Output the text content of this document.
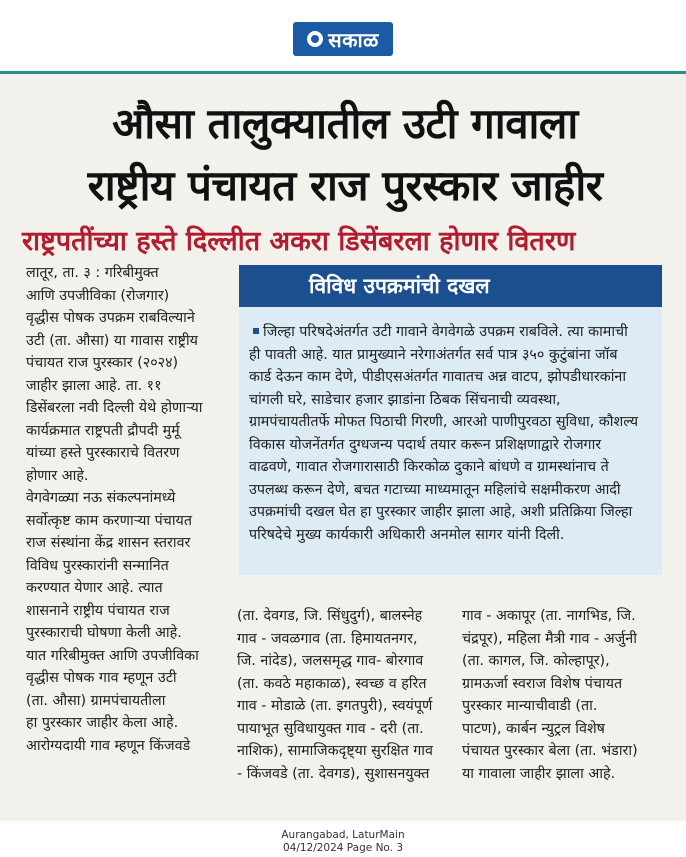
सकाळ
औसा तालुक्यातील उटी गावाला
राष्ट्रीय पंचायत राज पुरस्कार जाहीर
राष्ट्रपतींच्या हस्ते दिल्लीत अकरा डिसेंबरला होणार वितरण

लातूर, ता. ३ : गरिबीमुक्त

आणि उपजीविका (रोजगार)

वृद्धीस पोषक उपक्रम राबविल्याने

उटी (ता. औसा) या गावास राष्ट्रीय

पंचायत राज पुरस्कार (२०२४)

जाहीर झाला आहे. ता. ११

डिसेंबरला नवी दिल्ली येथे होणाऱ्या

कार्यक्रमात राष्ट्रपती द्रौपदी मुर्मू

यांच्या हस्ते पुरस्काराचे वितरण

होणार आहे.

वेगवेगळ्या नऊ संकल्पनांमध्ये

सर्वोत्कृष्ट काम करणाऱ्या पंचायत

राज संस्थांना केंद्र शासन स्तरावर

विविध पुरस्कारांनी सन्मानित

करण्यात येणार आहे. त्यात

शासनाने राष्ट्रीय पंचायत राज

पुरस्काराची घोषणा केली आहे.

यात गरिबीमुक्त आणि उपजीविका

वृद्धीस पोषक गाव म्हणून उटी

(ता. औसा) ग्रामपंचायतीला

हा पुरस्कार जाहीर केला आहे.

आरोग्यदायी गाव म्हणून किंजवडे

विविध उपक्रमांची दखल

जिल्हा परिषदेअंतर्गत उटी गावाने वेगवेगळे उपक्रम राबविले. त्या कामाची

ही पावती आहे. यात प्रामुख्याने नरेगाअंतर्गत सर्व पात्र ३५० कुटुंबांना जॉब

कार्ड देऊन काम देणे, पीडीएसअंतर्गत गावातच अन्न वाटप, झोपडीधारकांना

चांगली घरे, साडेचार हजार झाडांना ठिबक सिंचनाची व्यवस्था,

ग्रामपंचायतीतर्फे मोफत पिठाची गिरणी, आरओ पाणीपुरवठा सुविधा, कौशल्य

विकास योजनेंतर्गत दुग्धजन्य पदार्थ तयार करून प्रशिक्षणाद्वारे रोजगार

वाढवणे, गावात रोजगारासाठी किरकोळ दुकाने बांधणे व ग्रामस्थांनाच ते

उपलब्ध करून देणे, बचत गटाच्या माध्यमातून महिलांचे सक्षमीकरण आदी

उपक्रमांची दखल घेत हा पुरस्कार जाहीर झाला आहे, अशी प्रतिक्रिया जिल्हा

परिषदेचे मुख्य कार्यकारी अधिकारी अनमोल सागर यांनी दिली.

(ता. देवगड, जि. सिंधुदुर्ग), बालस्नेह

गाव - जवळगाव (ता. हिमायतनगर,

जि. नांदेड), जलसमृद्ध गाव- बोरगाव

(ता. कवठे महाकाळ), स्वच्छ व हरित

गाव - मोडाळे (ता. इगतपुरी), स्वयंपूर्ण

पायाभूत सुविधायुक्त गाव - दरी (ता.

नाशिक), सामाजिकदृष्ट्या सुरक्षित गाव

- किंजवडे (ता. देवगड), सुशासनयुक्त

गाव - अकापूर (ता. नागभिड, जि.

चंद्रपूर), महिला मैत्री गाव - अर्जुनी

(ता. कागल, जि. कोल्हापूर),

ग्रामऊर्जा स्वराज विशेष पंचायत

पुरस्कार मान्याचीवाडी (ता.

पाटण), कार्बन न्युट्रल विशेष

पंचायत पुरस्कार बेला (ता. भंडारा)

या गावाला जाहीर झाला आहे.

Aurangabad, LaturMain

04/12/2024 Page No. 3
